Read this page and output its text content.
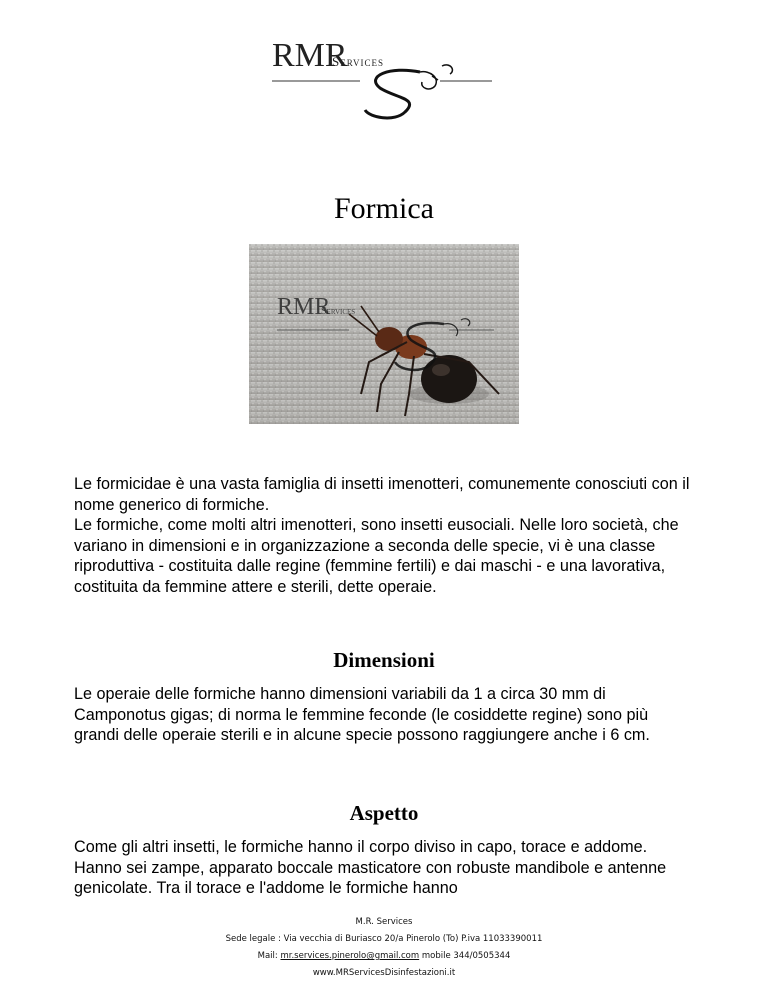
RMR
Services
Formica
RMR
Services

Le formicidae è una vasta famiglia di insetti imenotteri, comunemente conosciuti con il nome generico di formiche.

Le formiche, come molti altri imenotteri, sono insetti eusociali. Nelle loro società, che variano in dimensioni e in organizzazione a seconda delle specie, vi è una classe riproduttiva - costituita dalle regine (femmine fertili) e dai maschi - e una lavorativa, costituita da femmine attere e sterili, dette operaie.

Dimensioni

Le operaie delle formiche hanno dimensioni variabili da 1 a circa 30 mm di Camponotus gigas; di norma le femmine feconde (le cosiddette regine) sono più grandi delle operaie sterili e in alcune specie possono raggiungere anche i 6 cm.

Aspetto

Come gli altri insetti, le formiche hanno il corpo diviso in capo, torace e addome. Hanno sei zampe, apparato boccale masticatore con robuste mandibole e antenne genicolate. Tra il torace e l'addome le formiche hanno

M.R. Services
Sede legale : Via vecchia di Buriasco 20/a Pinerolo (To) P.iva 11033390011
Mail: mr.services.pinerolo@gmail.com mobile 344/0505344
www.MRServicesDisinfestazioni.it
